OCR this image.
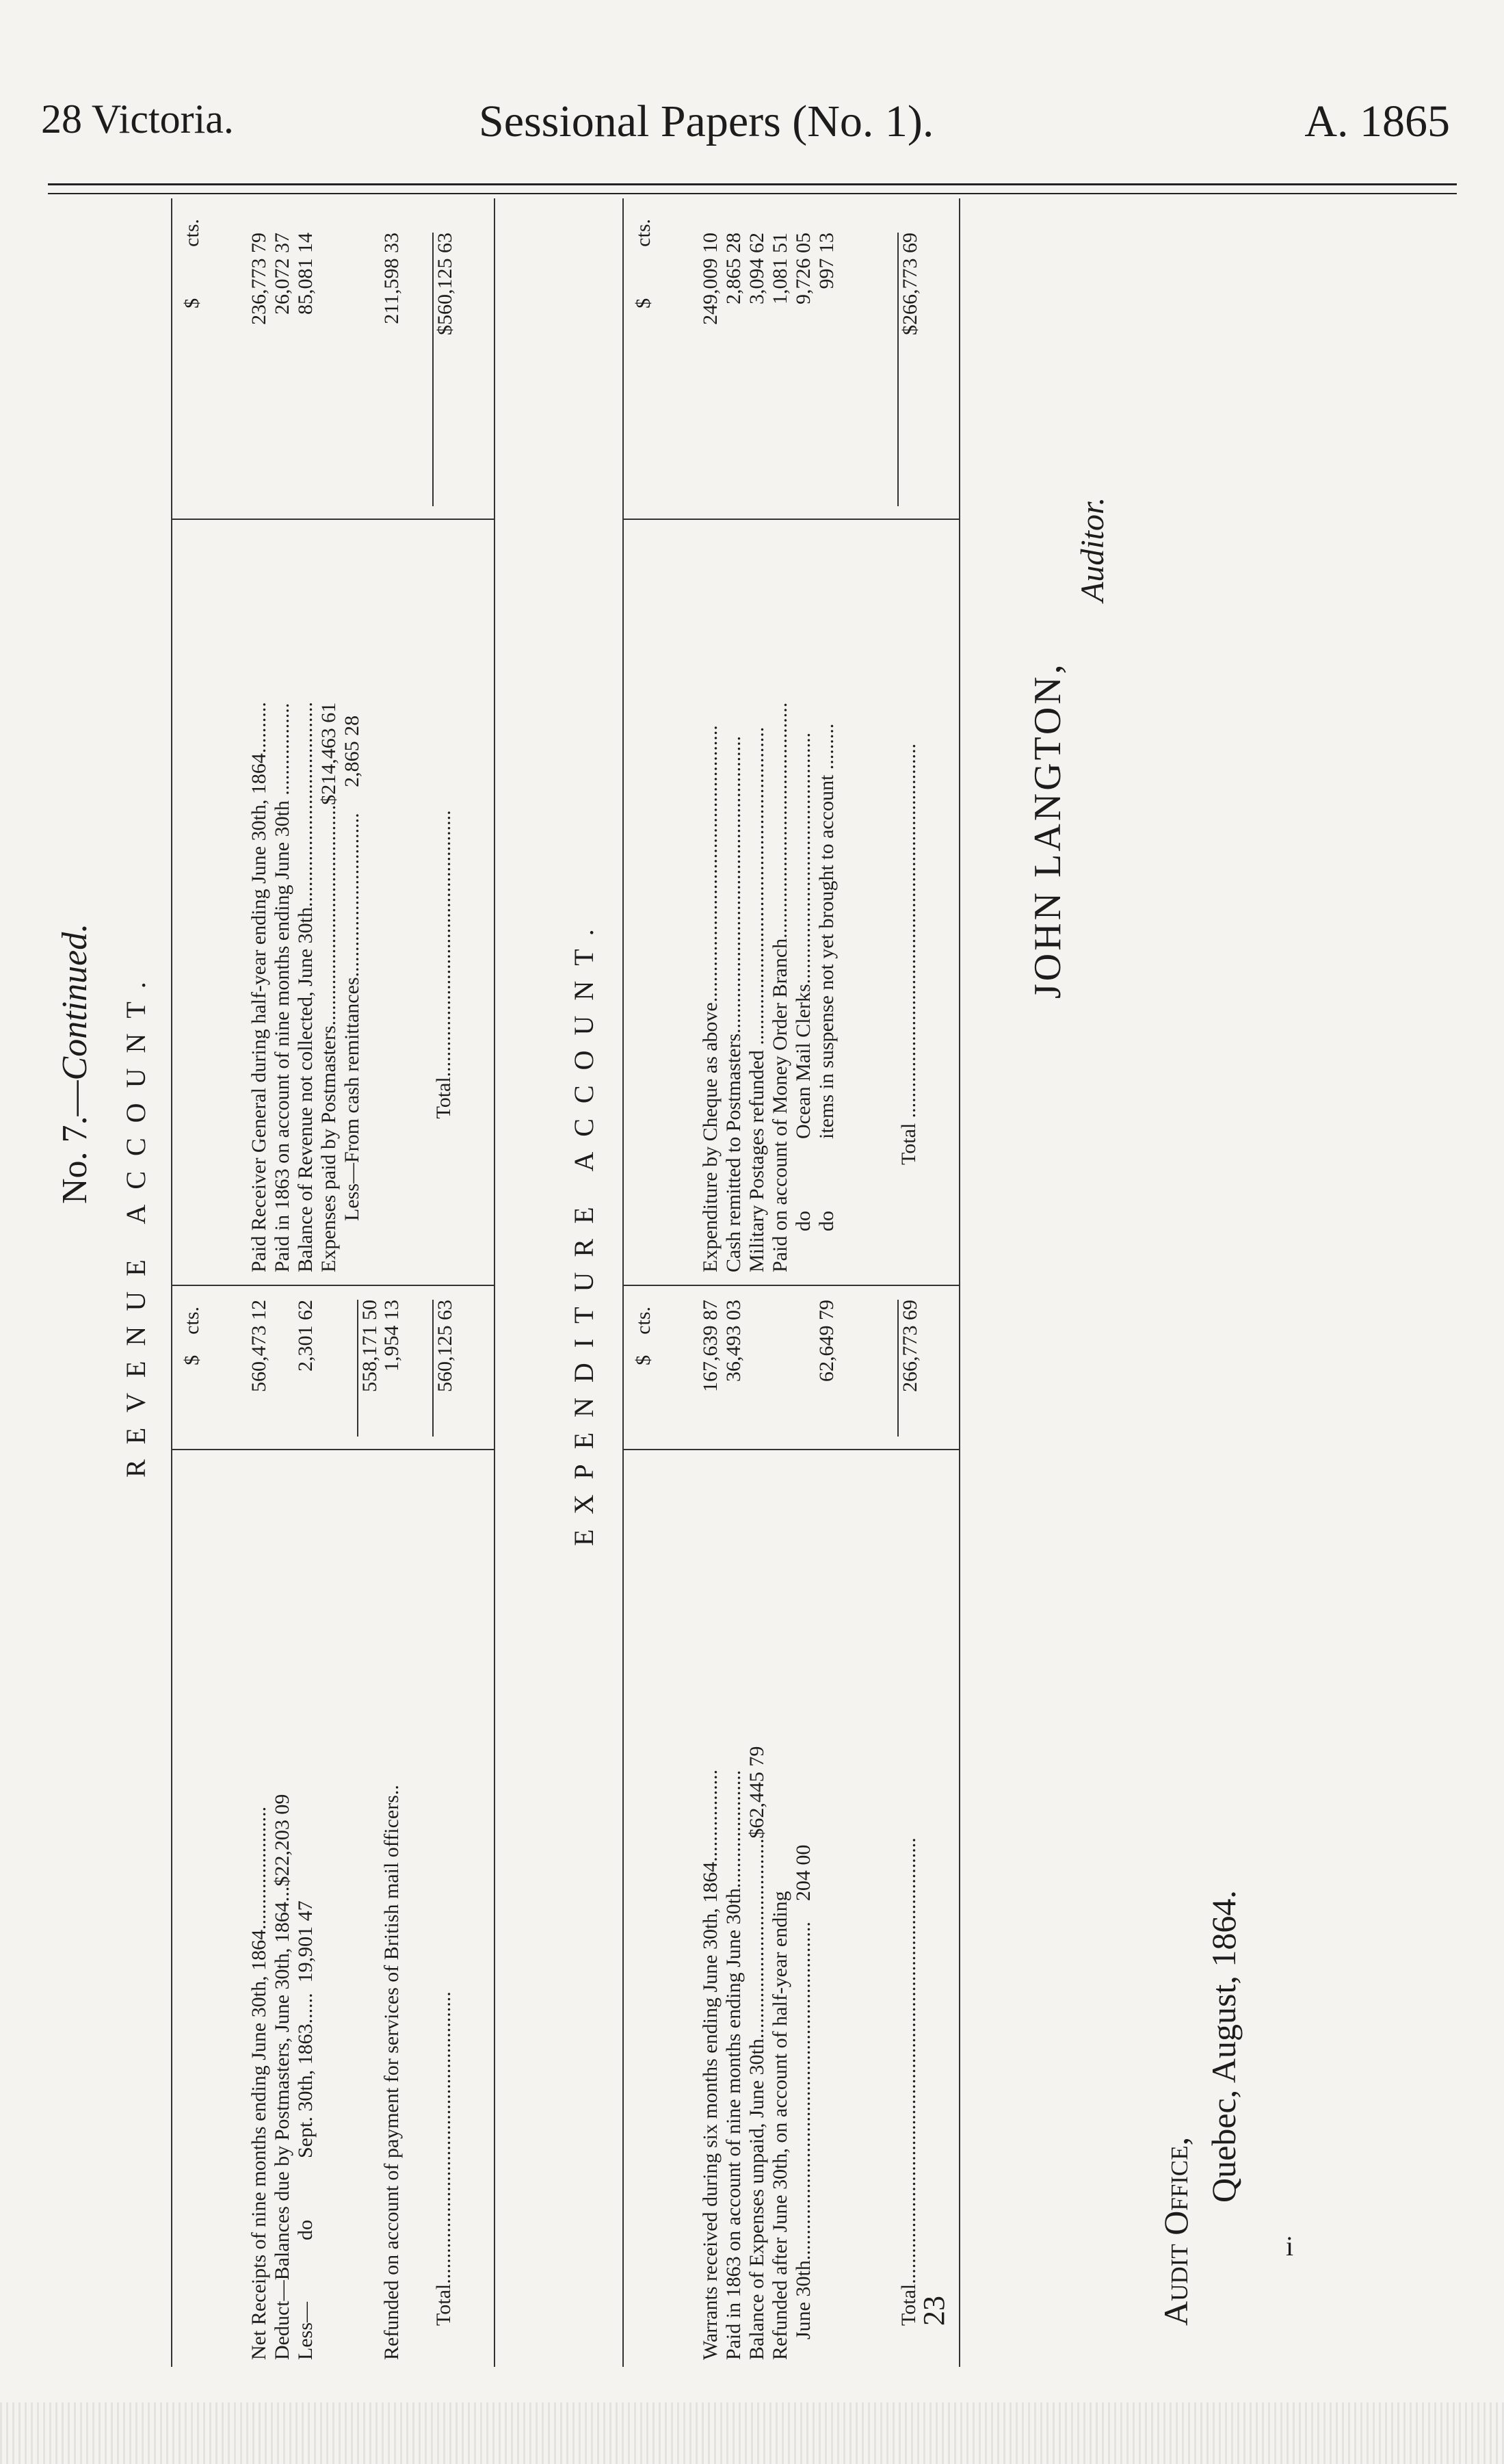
28 Victoria.	Sessional Papers (No. 1).	A. 1865
No. 7.—Continued. REVENUE ACCOUNT. $    cts.
$          cts.
Net Receipts of nine months ending June 30th, 1864........................
560,473 12
Deduct—Balances due by Postmasters, June 30th, 1864...$22,203 09 Less—            do            Sept. 30th, 1863......  19,901 47
2,301 62 558,171 50
Refunded on account of payment for services of British mail officers..
1,954 13
Total.........................................................
560,125 63
Paid Receiver General during half-year ending June 30th, 1864..........
236,773 79
Paid in 1863 on account of nine months ending June 30th ..................
26,072 37
Balance of Revenue not collected, June 30th........................................
85,081 14
Expenses paid by Postmasters...........................................$214,463 61 Less—From cash remittances................................     2,865 28
211,598 33
Total....................................................
$560,125 63
EXPENDITURE ACCOUNT. $    cts.
$          cts.
Warrants received during six months ending June 30th, 1864..................
167,639 87
Paid in 1863 on account of nine months ending June 30th.......................
36,493 03
Balance of Expenses unpaid, June 30th.......................................$62,445 79 Refunded after June 30th, on account of half-year ending June 30th..................................................................    204 00
62,649 79
Total.......................................................................................
266,773 69
Expenditure by Cheque as above......................................................
249,009 10
Cash remitted to Postmasters..........................................................
2,865 28
Military Postages refunded ..............................................................
3,094 62
Paid on account of Money Order Branch..............................................
1,081 51
do              Ocean Mail Clerks.................................................
9,726 05
do              items in suspense not yet brought to account .........
997 13
Total .........................................................................
$266,773 69
23
JOHN LANGTON,
Auditor.
Audit Office,
Quebec, August, 1864.
i
